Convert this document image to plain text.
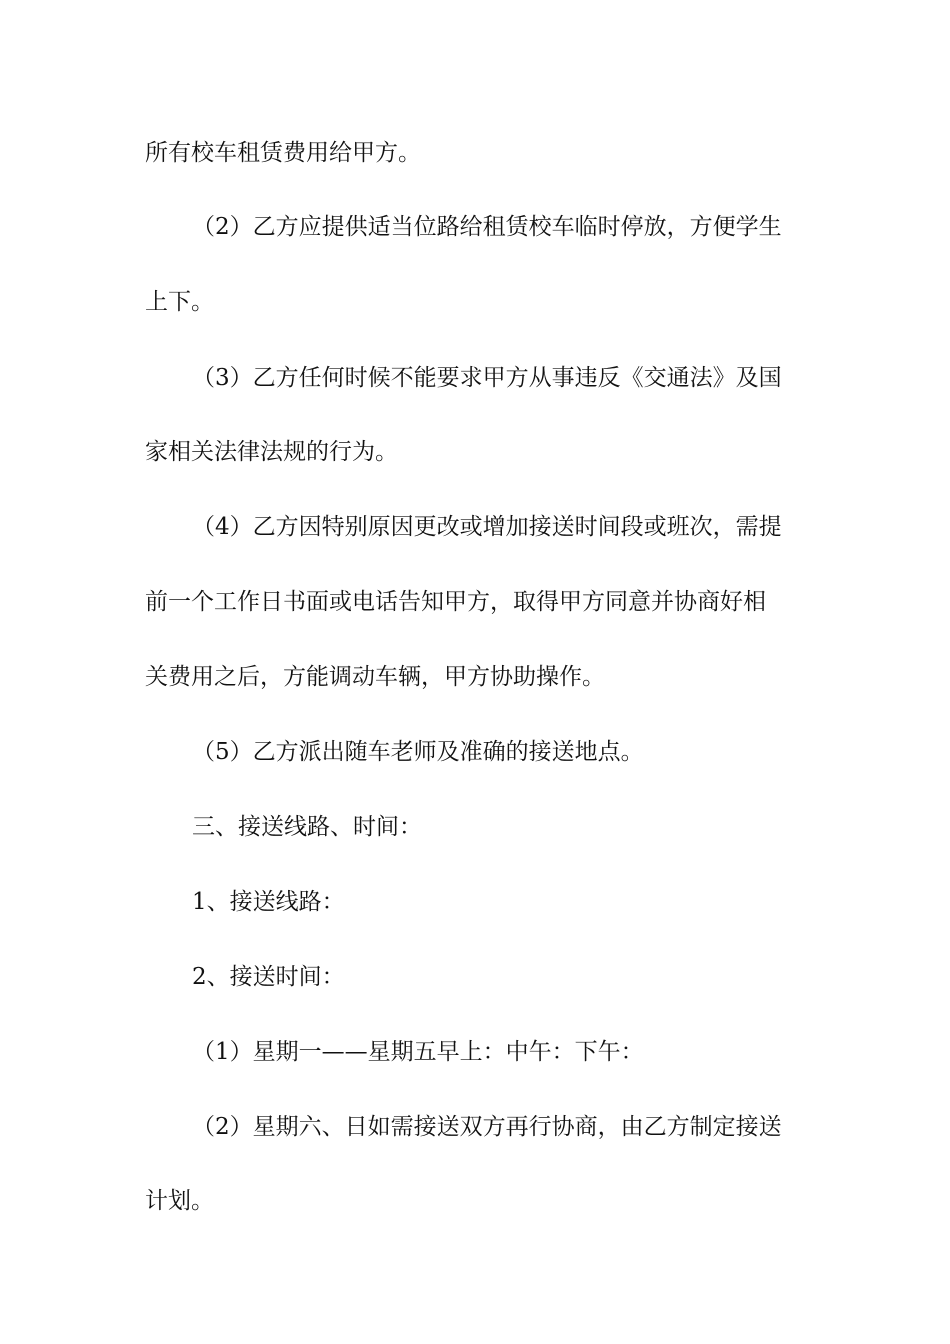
所有校车租赁费用给甲方。
（2）乙方应提供适当位路给租赁校车临时停放，方便学生
上下。
（3）乙方任何时候不能要求甲方从事违反《交通法》及国
家相关法律法规的行为。
（4）乙方因特别原因更改或增加接送时间段或班次，需提
前一个工作日书面或电话告知甲方，取得甲方同意并协商好相
关费用之后，方能调动车辆，甲方协助操作。
（5）乙方派出随车老师及准确的接送地点。
三、接送线路、时间：
1、接送线路：
2、接送时间：
（1）星期一——星期五早上：中午：下午：
（2）星期六、日如需接送双方再行协商，由乙方制定接送
计划。
